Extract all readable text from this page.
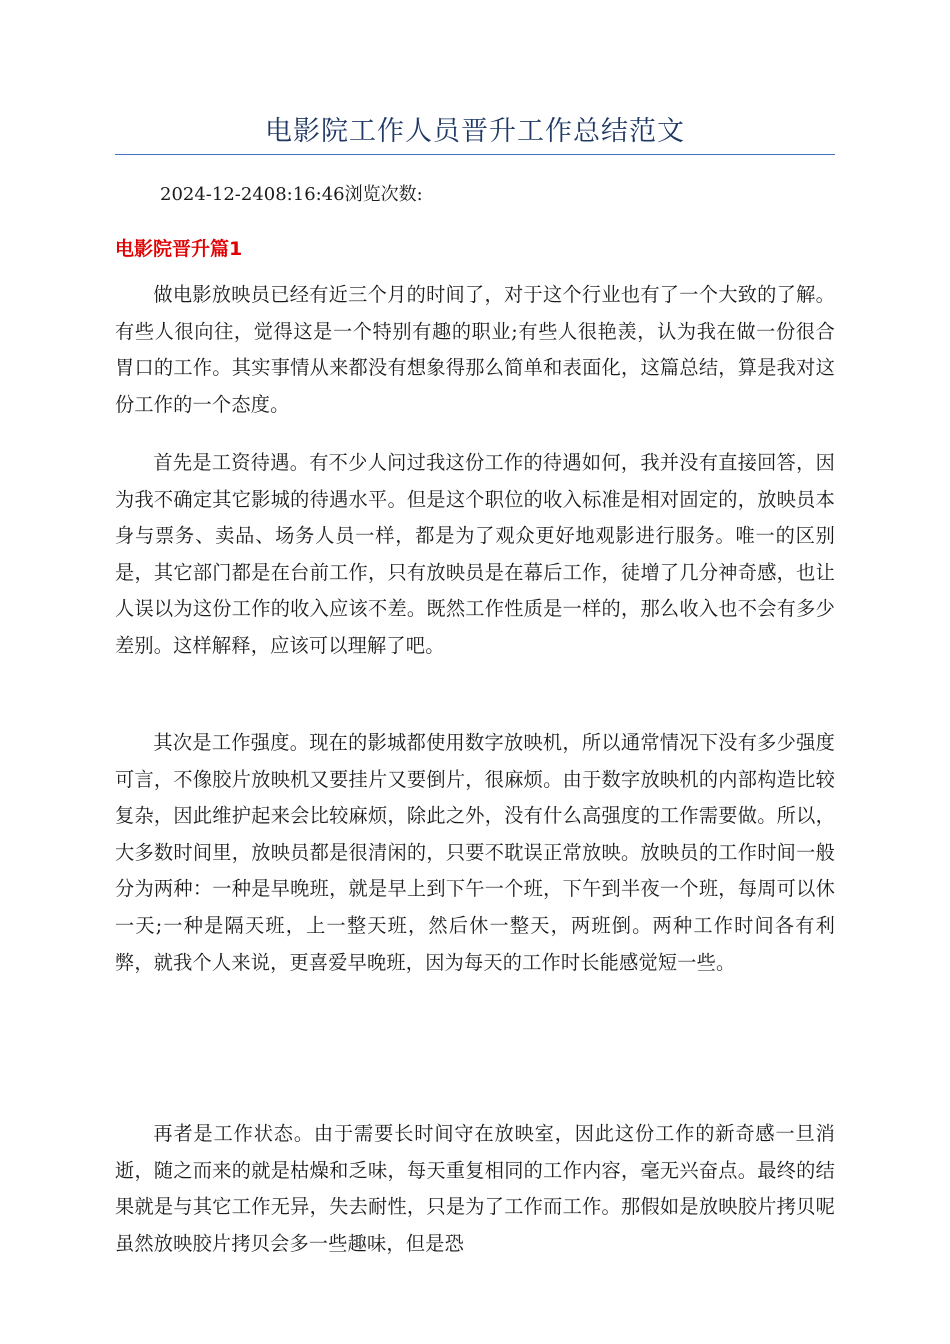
电影院工作人员晋升工作总结范文
2024-12-2408:16:46浏览次数:
电影院晋升篇1

做电影放映员已经有近三个月的时间了，对于这个行业也有了一个大致的了解。有些人很向往，觉得这是一个特别有趣的职业;有些人很艳羡，认为我在做一份很合胃口的工作。其实事情从来都没有想象得那么简单和表面化，这篇总结，算是我对这份工作的一个态度。

首先是工资待遇。有不少人问过我这份工作的待遇如何，我并没有直接回答，因为我不确定其它影城的待遇水平。但是这个职位的收入标准是相对固定的，放映员本身与票务、卖品、场务人员一样，都是为了观众更好地观影进行服务。唯一的区别是，其它部门都是在台前工作，只有放映员是在幕后工作，徒增了几分神奇感，也让人误以为这份工作的收入应该不差。既然工作性质是一样的，那么收入也不会有多少差别。这样解释，应该可以理解了吧。

其次是工作强度。现在的影城都使用数字放映机，所以通常情况下没有多少强度可言，不像胶片放映机又要挂片又要倒片，很麻烦。由于数字放映机的内部构造比较复杂，因此维护起来会比较麻烦，除此之外，没有什么高强度的工作需要做。所以，大多数时间里，放映员都是很清闲的，只要不耽误正常放映。放映员的工作时间一般分为两种：一种是早晚班，就是早上到下午一个班，下午到半夜一个班，每周可以休一天;一种是隔天班，上一整天班，然后休一整天，两班倒。两种工作时间各有利弊，就我个人来说，更喜爱早晚班，因为每天的工作时长能感觉短一些。

再者是工作状态。由于需要长时间守在放映室，因此这份工作的新奇感一旦消逝，随之而来的就是枯燥和乏味，每天重复相同的工作内容，毫无兴奋点。最终的结果就是与其它工作无异，失去耐性，只是为了工作而工作。那假如是放映胶片拷贝呢虽然放映胶片拷贝会多一些趣味，但是恐
